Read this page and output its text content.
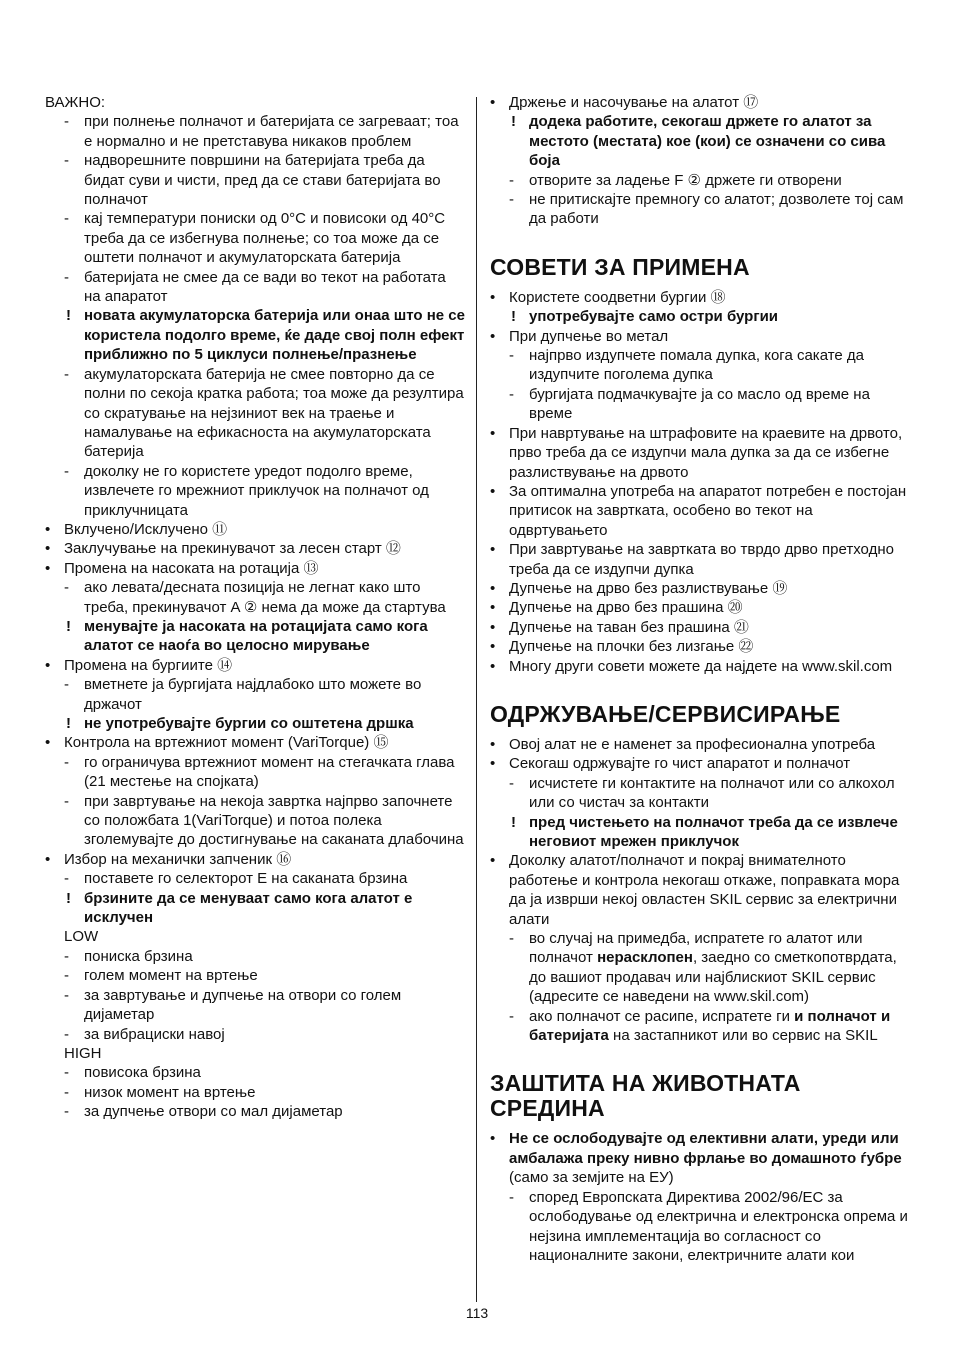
ВАЖНО:
- при полнење полначот и батеријата се загреваат; тоа е нормално и не претставува никаков проблем
- надворешните површини на батеријата треба да бидат суви и чисти, пред да се стави батеријата во полначот
- кај температури пониски од 0°C и повисоки од 40°C треба да се избегнува полнење; со тоа може да се оштети полначот и акумулаторската батерија
- батеријата не смее да се вади во текот на работата на апаратот
! новата акумулаторска батерија или онаа што не се користела подолго време, ќе даде свој полн ефект приближно по 5 циклуси полнење/празнење
- акумулаторската батерија не смее повторно да се полни по секоја кратка работа; тоа може да резултира со скратување на нејзиниот век на траење и намалување на ефикасноста на акумулаторската батерија
- доколку не го користете уредот подолго време, извлечете го мрежниот приклучок на полначот од приклучницата
• Вклучено/Исклучено ⑪
• Заклучување на прекинувачот за лесен старт ⑫
• Промена на насоката на ротација ⑬
- ако левата/десната позиција не легнат како што треба, прекинувачот A ② нема да може да стартува
! менувајте ја насоката на ротацијата само кога алатот се наоѓа во целосно мирување
• Промена на бургиите ⑭
- вметнете ја бургијата најдлабоко што можете во држачот
! не употребувајте бургии со оштетена дршка
• Контрола на вртежниот момент (VariTorque) ⑮
- го ограничува вртежниот момент на стегачката глава (21 местење на спојката)
- при завртување на некоја завртка најпрво започнете со положбата 1(VariTorque) и потоа полека зголемувајте до достигнување на саканата длабочина
• Избор на механички запченик ⑯
- поставете го селекторот E на саканата брзина
! брзините да се менуваат само кога алатот е исклучен
LOW
- пониска брзина
- голем момент на вртење
- за завртување и дупчење на отвори со голем дијаметар
- за вибрациски навој
HIGH
- повисока брзина
- низок момент на вртење
- за дупчење отвори со мал дијаметар
• Држење и насочување на алатот ⑰
! додека работите, секогаш држете го алатот за местото (местата) кое (кои) се означени со сива боја
- отворите за ладење F ② држете ги отворени
- не притискајте премногу со алатот; дозволете тој сам да работи
СОВЕТИ ЗА ПРИМЕНА
• Користете соодветни бургии ⑱
! употребувајте само остри бургии
• При дупчење во метал
- најпрво издупчете помала дупка, кога сакате да издупчите поголема дупка
- бургијата подмачкувајте ја со масло од време на време
• При навртување на штрафовите на краевите на дрвото, прво треба да се издупчи мала дупка за да се избегне разлиствување на дрвото
• За оптимална употреба на апаратот потребен е постојан притисок на завртката, особено во текот на одвртувањето
• При завртување на завртката во тврдо дрво претходно треба да се издупчи дупка
• Дупчење на дрво без разлиствување ⑲
• Дупчење на дрво без прашина ⑳
• Дупчење на таван без прашина ㉑
• Дупчење на плочки без лизгање ㉒
• Многу други совети можете да најдете на www.skil.com
ОДРЖУВАЊЕ/СЕРВИСИРАЊЕ
• Овој алат не е наменет за професионална употреба
• Секогаш одржувајте го чист апаратот и полначот
- исчистете ги контактите на полначот или со алкохол или со чистач за контакти
! пред чистењето на полначот треба да се извлече неговиот мрежен приклучок
• Доколку алатот/полначот и покрај внимателното работење и контрола некогаш откаже, поправката мора да ја изврши некој овластен SKIL сервис за електрични алати
- во случај на примедба, испратете го алатот или полначот нерасклопен, заедно со сметкопотврдата, до вашиот продавач или најблискиот SKIL сервис (адресите се наведени на www.skil.com)
- ако полначот се расипе, испратете ги и полначот и батеријата на застапникот или во сервис на SKIL
ЗАШТИТА НА ЖИВОТНАТА СРЕДИНА
• Не се ослободувајте од елективни алати, уреди или амбалажа преку нивно фрлање во домашното ѓубре (само за земјите на ЕУ)
- според Европската Директива 2002/96/ЕС за ослободување од електрична и електронска опрема и нејзина имплементација во согласност со националните закони, електричните алати кои
113
